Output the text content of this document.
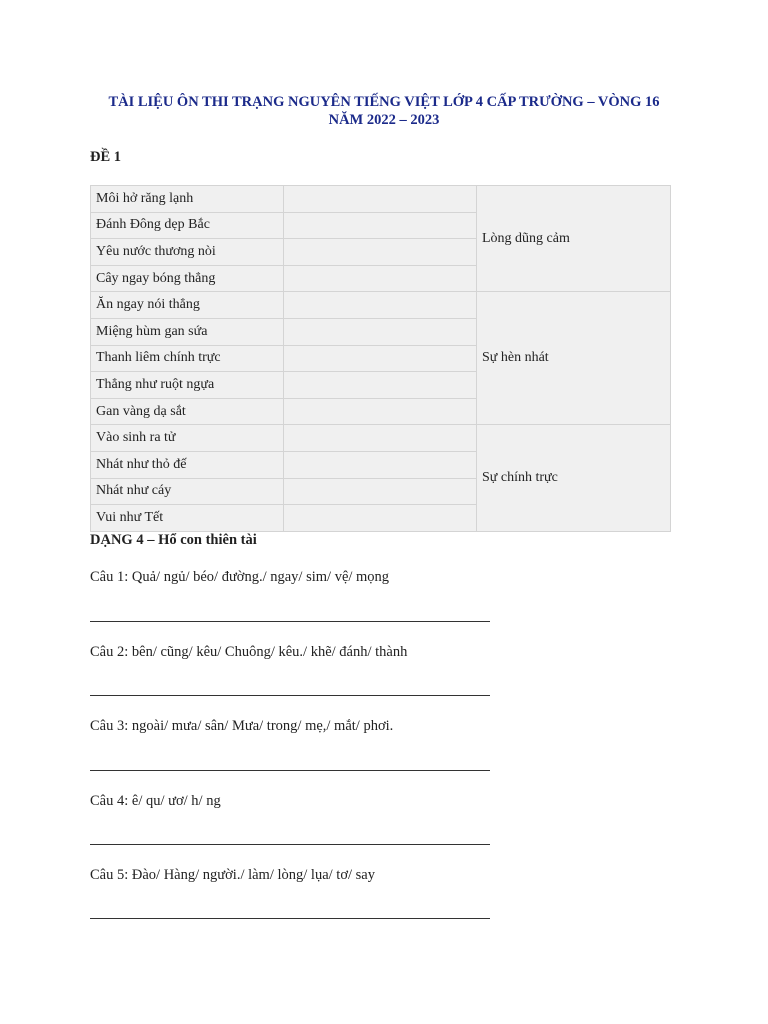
TÀI LIỆU ÔN THI TRẠNG NGUYÊN TIẾNG VIỆT LỚP 4 CẤP TRƯỜNG – VÒNG 16
NĂM 2022 – 2023
ĐỀ 1
Môi hở răng lạnh		Lòng dũng cảm
Đánh Đông dẹp Bắc		
Yêu nước thương nòi		
Cây ngay bóng thẳng		
Ăn ngay nói thẳng		Sự hèn nhát
Miệng hùm gan sứa		
Thanh liêm chính trực		
Thẳng như ruột ngựa		
Gan vàng dạ sắt		
Vào sinh ra tử		Sự chính trực
Nhát như thỏ đế		
Nhát như cáy		
Vui như Tết		
DẠNG 4 – Hổ con thiên tài
Câu 1: Quả/ ngủ/ béo/ đường./ ngay/ sim/ vệ/ mọng
Câu 2: bên/ cũng/ kêu/ Chuông/ kêu./ khẽ/ đánh/ thành
Câu 3: ngoài/ mưa/ sân/ Mưa/ trong/ mẹ,/ mắt/ phơi.
Câu 4: ê/ qu/ ươ/ h/ ng
Câu 5: Đào/ Hàng/ người./ làm/ lòng/ lụa/ tơ/ say
